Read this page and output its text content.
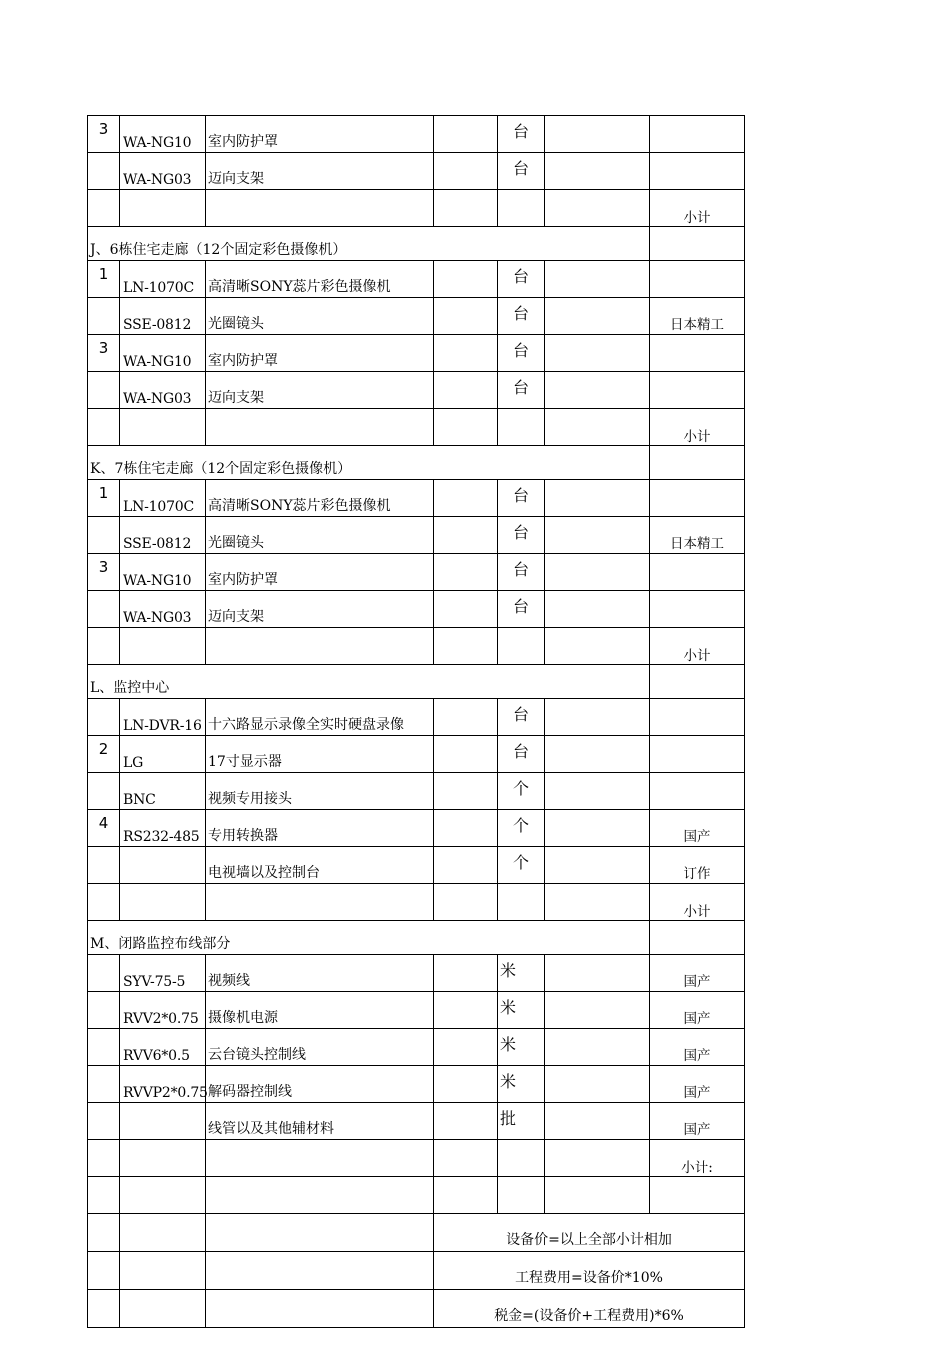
3	WA-NG10	室内防护罩		台		
	WA-NG03	迈向支架		台		
						小计
J、6栋住宅走廊（12个固定彩色摄像机）						
1	LN-1070C	高清晰SONY蕊片彩色摄像机		台		
	SSE-0812	光圈镜头		台		日本精工
3	WA-NG10	室内防护罩		台		
	WA-NG03	迈向支架		台		
						小计
K、7栋住宅走廊（12个固定彩色摄像机）						
1	LN-1070C	高清晰SONY蕊片彩色摄像机		台		
	SSE-0812	光圈镜头		台		日本精工
3	WA-NG10	室内防护罩		台		
	WA-NG03	迈向支架		台		
						小计
L、监控中心						
	LN-DVR-16	十六路显示录像全实时硬盘录像		台		
2	LG	17寸显示器		台		
	BNC	视频专用接头		个		
4	RS232-485	专用转换器		个		国产
		电视墙以及控制台		个		订作
						小计
M、闭路监控布线部分						
	SYV-75-5	视频线		米		国产
	RVV2*0.75	摄像机电源		米		国产
	RVV6*0.5	云台镜头控制线		米		国产
	RVVP2*0.75	解码器控制线		米		国产
		线管以及其他辅材料		批		国产
						小计:

			设备价=以上全部小计相加			
			工程费用=设备价*10%			
			税金=(设备价+工程费用)*6%			
